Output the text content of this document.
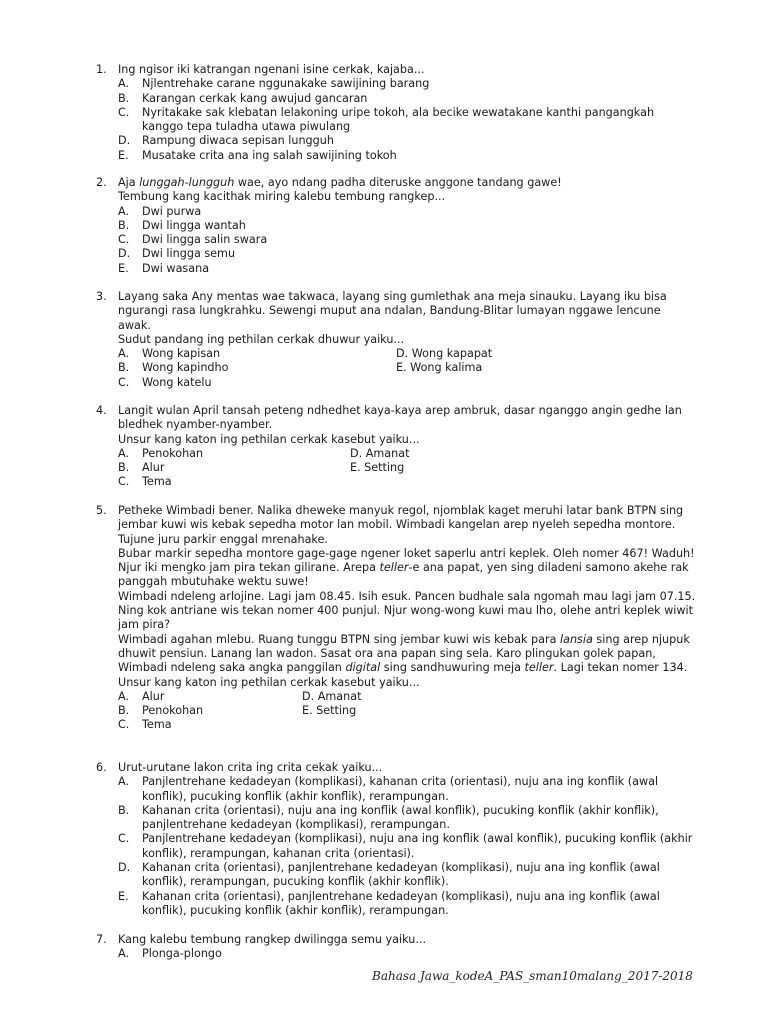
1.	Ing ngisor iki katrangan ngenani isine cerkak, kajaba...
A.	Njlentrehake carane nggunakake sawijining barang
B.	Karangan cerkak kang awujud gancaran
C.	Nyritakake sak klebatan lelakoning uripe tokoh, ala becike wewatakane kanthi pangangkah kanggo tepa tuladha utawa piwulang
D.	Rampung diwaca sepisan lungguh
E.	Musatake crita ana ing salah sawijining tokoh
2.	Aja lunggah-lungguh wae, ayo ndang padha diteruske anggone tandang gawe!
Tembung kang kacithak miring kalebu tembung rangkep...
A.	Dwi purwa
B.	Dwi lingga wantah
C.	Dwi lingga salin swara
D.	Dwi lingga semu
E.	Dwi wasana
3.	Layang saka Any mentas wae takwaca, layang sing gumlethak ana meja sinauku. Layang iku bisa ngurangi rasa lungkrahku. Sewengi muput ana ndalan, Bandung-Blitar lumayan nggawe lencune awak.
Sudut pandang ing pethilan cerkak dhuwur yaiku...
A.	Wong kapisan	D. Wong kapapat
B.	Wong kapindho	E. Wong kalima
C.	Wong katelu
4.	Langit wulan April tansah peteng ndhedhet kaya-kaya arep ambruk, dasar nganggo angin gedhe lan bledhek nyamber-nyamber.
Unsur kang katon ing pethilan cerkak kasebut yaiku...
A.	Penokohan	D. Amanat
B.	Alur	E. Setting
C.	Tema
5.	Petheke Wimbadi bener. Nalika dheweke manyuk regol, njomblak kaget meruhi latar bank BTPN sing jembar kuwi wis kebak sepedha motor lan mobil. Wimbadi kangelan arep nyeleh sepedha montore. Tujune juru parkir enggal mrenahake.
Bubar markir sepedha montore gage-gage ngener loket saperlu antri keplek. Oleh nomer 467! Waduh! Njur iki mengko jam pira tekan gilirane. Arepa teller-e ana papat, yen sing diladeni samono akehe rak panggah mbutuhake wektu suwe!
Wimbadi ndeleng arlojine. Lagi jam 08.45. Isih esuk. Pancen budhale sala ngomah mau lagi jam 07.15. Ning kok antriane wis tekan nomer 400 punjul. Njur wong-wong kuwi mau lho, olehe antri keplek wiwit jam pira?
Wimbadi agahan mlebu. Ruang tunggu BTPN sing jembar kuwi wis kebak para lansia sing arep njupuk dhuwit pensiun. Lanang lan wadon. Sasat ora ana papan sing sela. Karo plingukan golek papan, Wimbadi ndeleng saka angka panggilan digital sing sandhuwuring meja teller. Lagi tekan nomer 134.
Unsur kang katon ing pethilan cerkak kasebut yaiku...
A.	Alur	D. Amanat
B.	Penokohan	E. Setting
C.	Tema
6.	Urut-urutane lakon crita ing crita cekak yaiku...
A.	Panjlentrehane kedadeyan (komplikasi), kahanan crita (orientasi), nuju ana ing konflik (awal konflik), pucuking konflik (akhir konflik), rerampungan.
B.	Kahanan crita (orientasi), nuju ana ing konflik (awal konflik), pucuking konflik (akhir konflik), panjlentrehane kedadeyan (komplikasi), rerampungan.
C.	Panjlentrehane kedadeyan (komplikasi), nuju ana ing konflik (awal konflik), pucuking konflik (akhir konflik), rerampungan, kahanan crita (orientasi).
D.	Kahanan crita (orientasi), panjlentrehane kedadeyan (komplikasi), nuju ana ing konflik (awal konflik), rerampungan, pucuking konflik (akhir konflik).
E.	Kahanan crita (orientasi), panjlentrehane kedadeyan (komplikasi), nuju ana ing konflik (awal konflik), pucuking konflik (akhir konflik), rerampungan.
7.	Kang kalebu tembung rangkep dwilingga semu yaiku...
A.	Plonga-plongo
Bahasa Jawa_kodeA_PAS_sman10malang_2017-2018
